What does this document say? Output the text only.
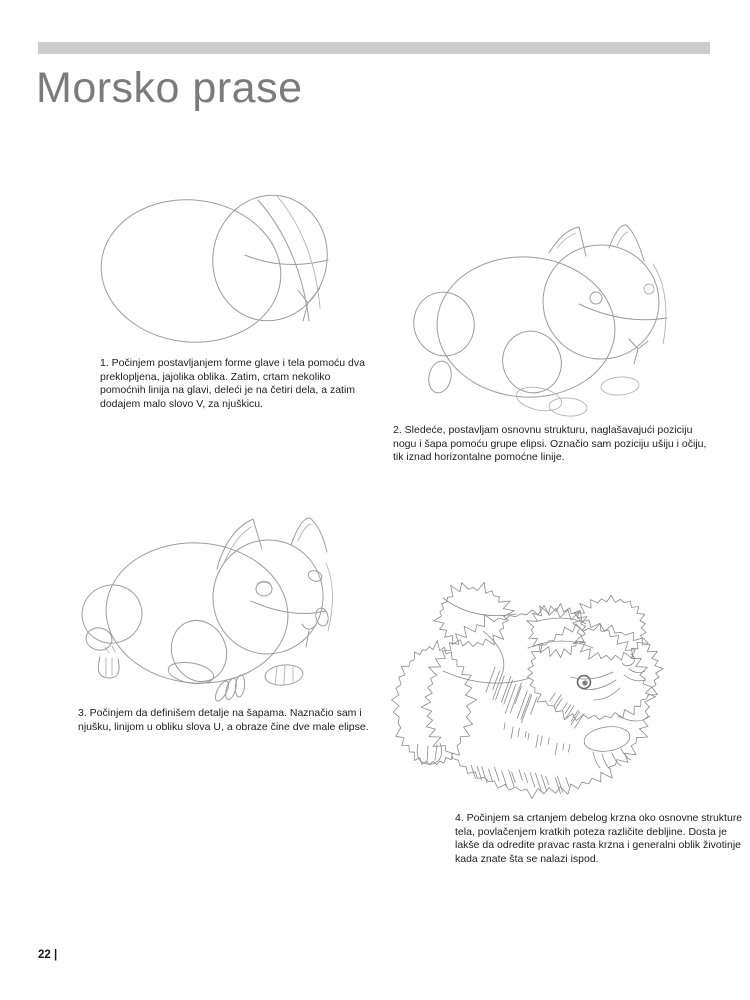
Morsko prase

1. Počinjem postavljanjem forme glave i tela pomoću dva preklopljena, jajolika oblika. Zatim, crtam nekoliko pomoćnih linija na glavi, deleći je na četiri dela, a zatim dodajem malo slovo V, za njuškicu.

2. Sledeće, postavljam osnovnu strukturu, naglašavajući poziciju nogu i šapa pomoću grupe elipsi. Označio sam poziciju ušiju i očiju, tik iznad horizontalne pomoćne linije.

3. Počinjem da definišem detalje na šapama. Naznačio sam i njušku, linijom u obliku slova U, a obraze čine dve male elipse.

4. Počinjem sa crtanjem debelog krzna oko osnovne strukture tela, povlačenjem kratkih poteza različite debljine. Dosta je lakše da odredite pravac rasta krzna i generalni oblik životinje kada znate šta se nalazi ispod.

22 |
